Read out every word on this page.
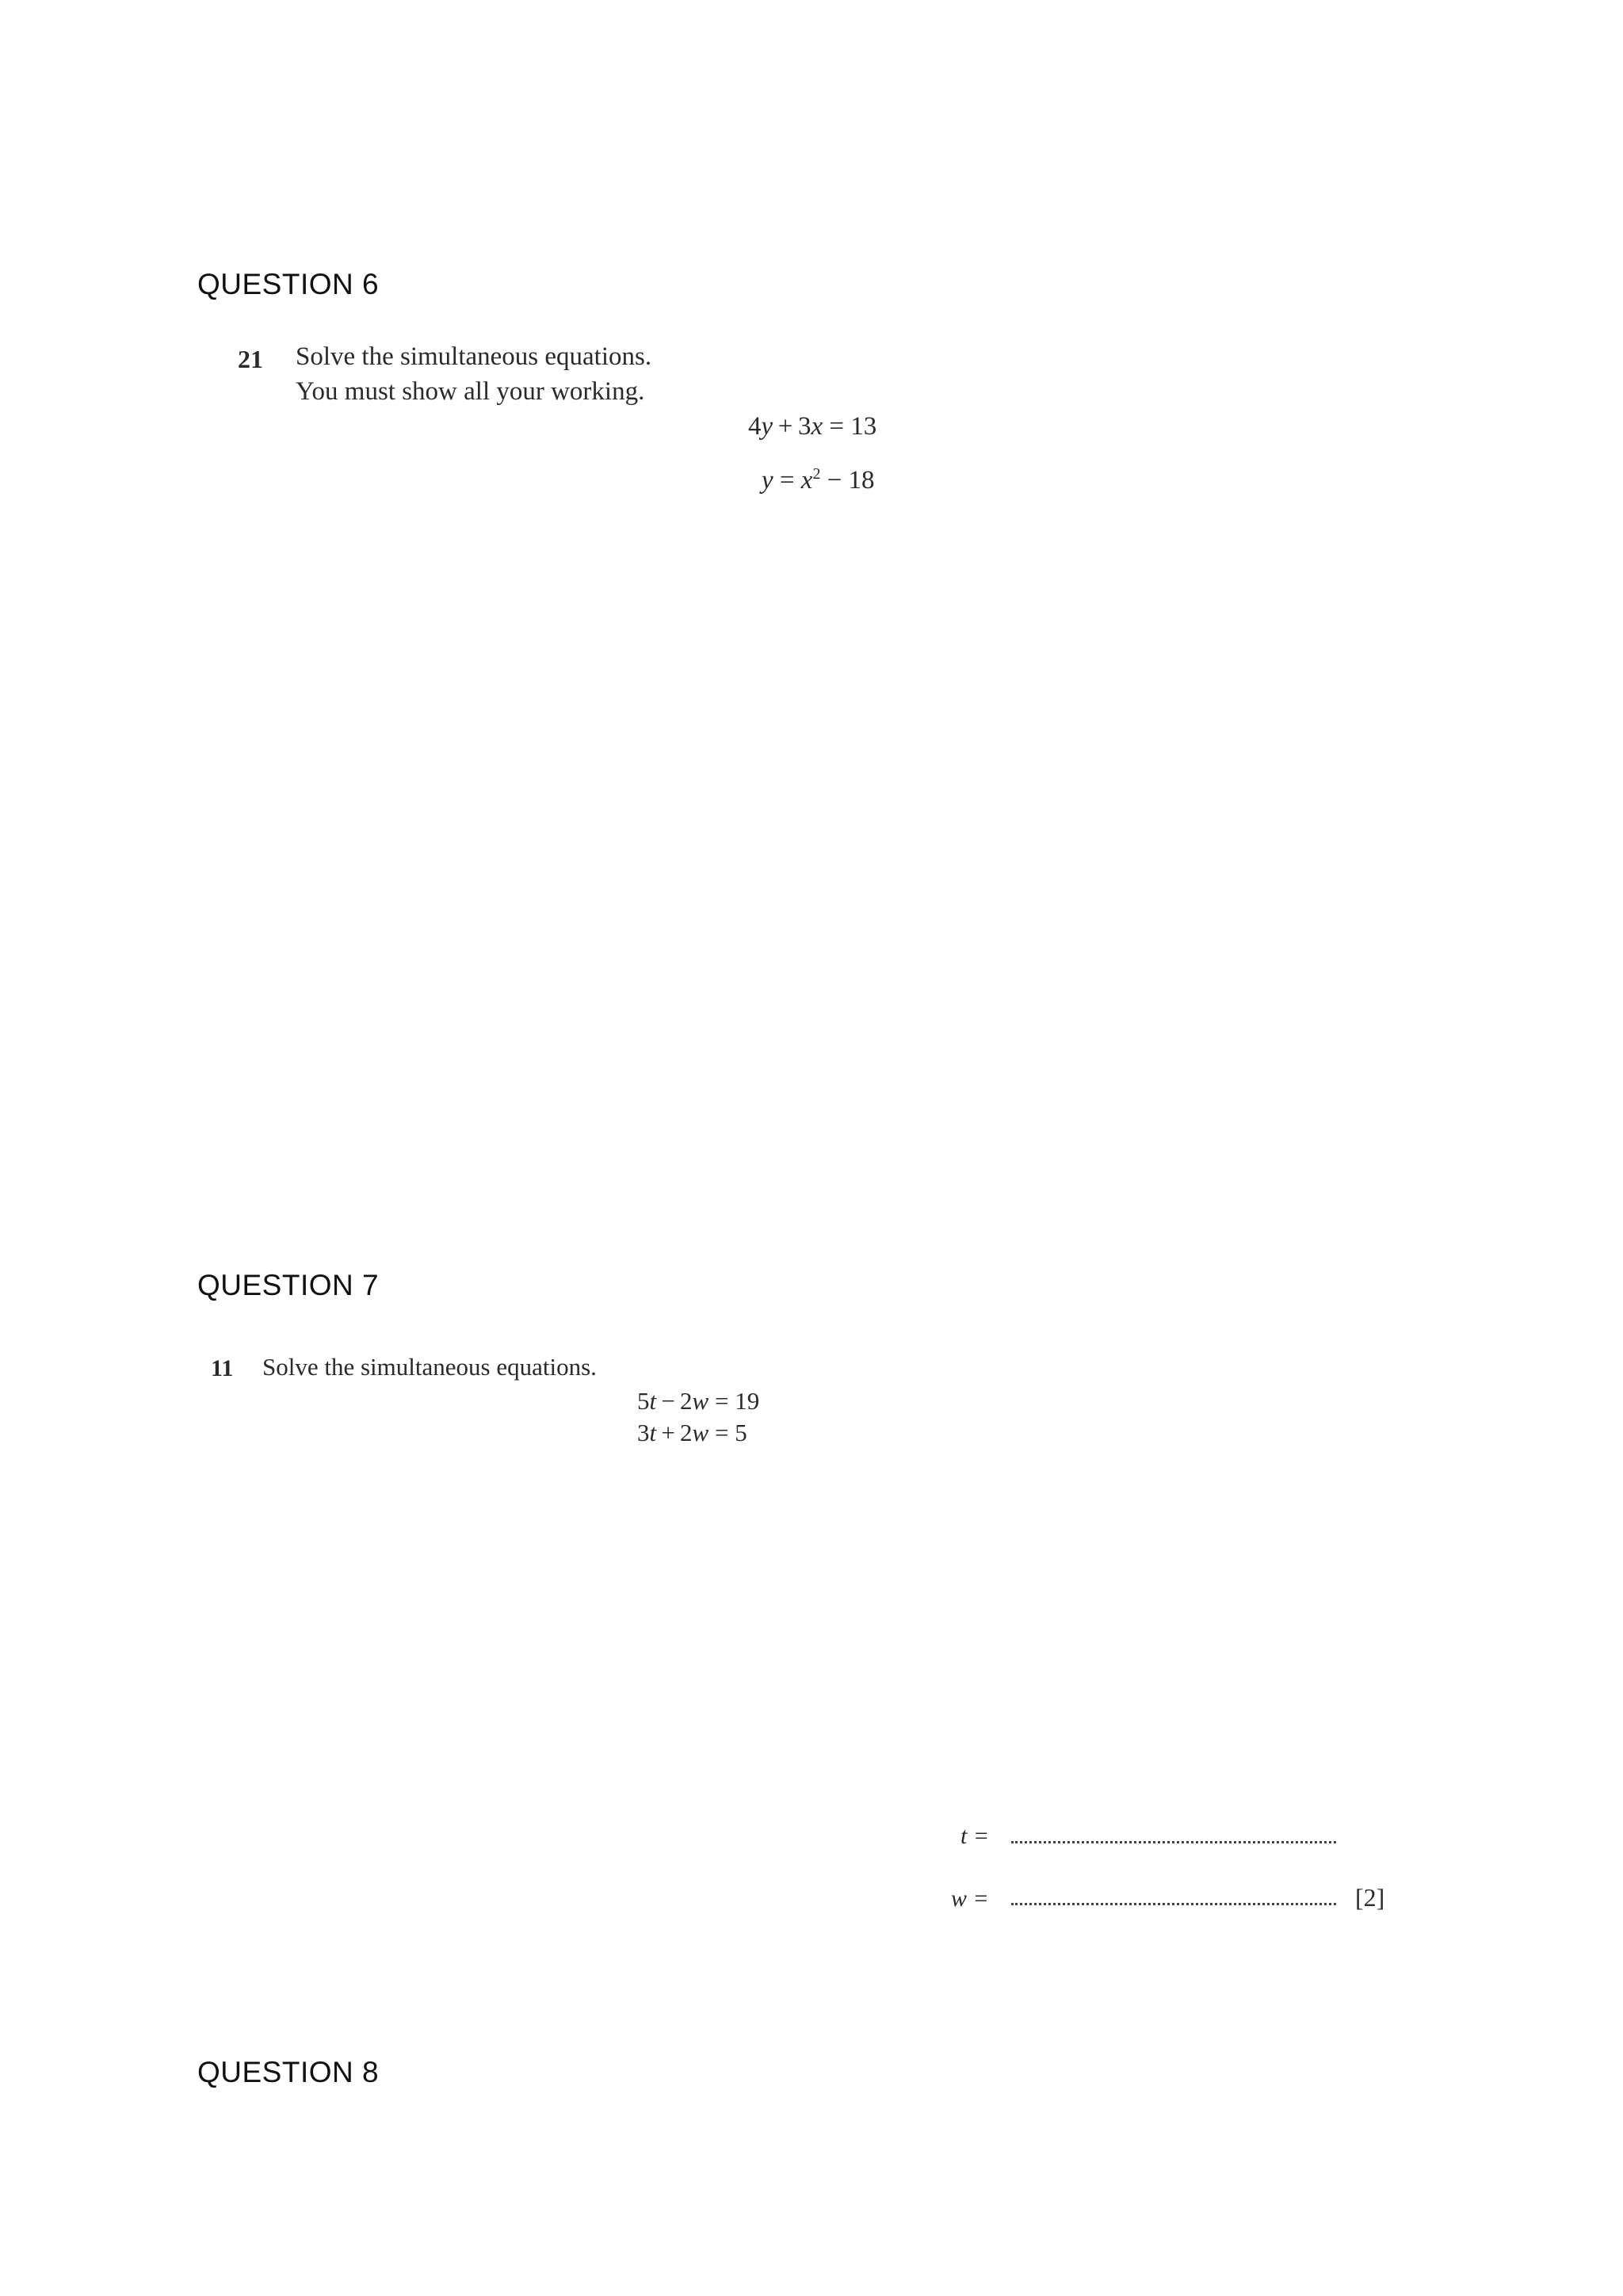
QUESTION 6
21 Solve the simultaneous equations.
You must show all your working.
4y + 3x = 13
$y = x^2 - 18$
QUESTION 7
11 Solve the simultaneous equations.
5t − 2w = 19
3t + 2w = 5
t =
w =	[2]
QUESTION 8
